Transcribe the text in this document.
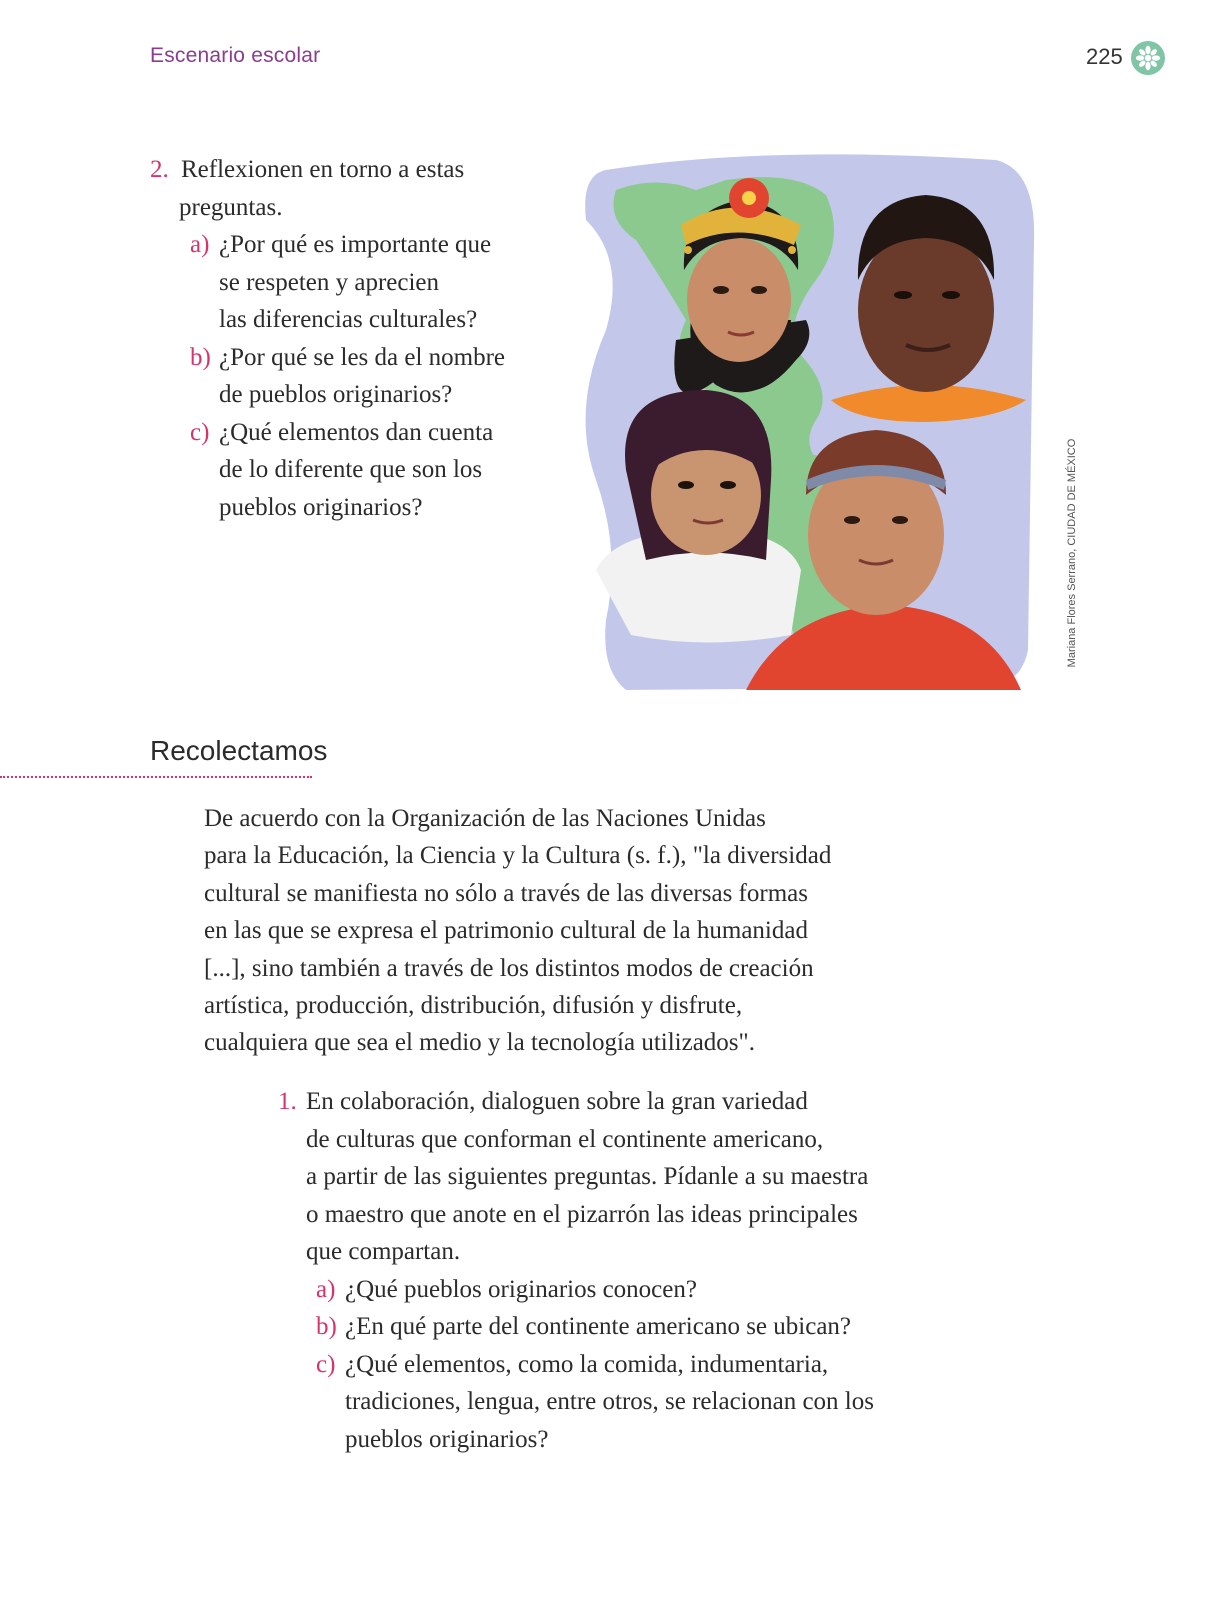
Escenario escolar	225
2. Reflexionen en torno a estas
preguntas.
a) ¿Por qué es importante que
se respeten y aprecien
las diferencias culturales?
b) ¿Por qué se les da el nombre
de pueblos originarios?
c) ¿Qué elementos dan cuenta
de lo diferente que son los
pueblos originarios?	Mariana Flores Serrano, CIUDAD DE MÉXICO
Recolectamos
De acuerdo con la Organización de las Naciones Unidas
para la Educación, la Ciencia y la Cultura (s. f.), "la diversidad
cultural se manifiesta no sólo a través de las diversas formas
en las que se expresa el patrimonio cultural de la humanidad
[...], sino también a través de los distintos modos de creación
artística, producción, distribución, difusión y disfrute,
cualquiera que sea el medio y la tecnología utilizados".
1. En colaboración, dialoguen sobre la gran variedad
de culturas que conforman el continente americano,
a partir de las siguientes preguntas. Pídanle a su maestra
o maestro que anote en el pizarrón las ideas principales
que compartan.
a) ¿Qué pueblos originarios conocen?
b) ¿En qué parte del continente americano se ubican?
c) ¿Qué elementos, como la comida, indumentaria,
tradiciones, lengua, entre otros, se relacionan con los
pueblos originarios?
